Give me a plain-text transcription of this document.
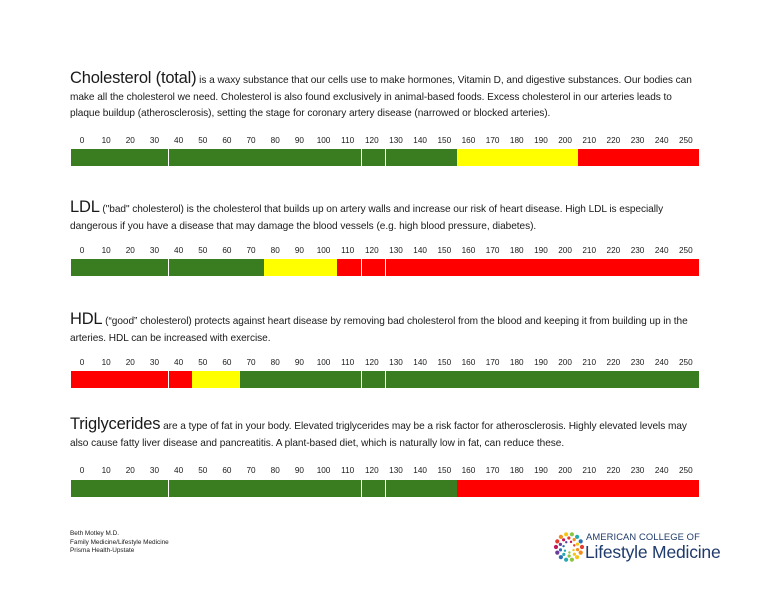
Cholesterol (total) is a waxy substance that our cells use to make hormones, Vitamin D, and digestive substances. Our bodies can make all the cholesterol we need. Cholesterol is also found exclusively in animal-based foods. Excess cholesterol in our arteries leads to plaque buildup (atherosclerosis), setting the stage for coronary artery disease (narrowed or blocked arteries).

0 10 20 30 40 50 60 70 80 90 100 110 120 130 140 150 160 170 180 190 200 210 220 230 240 250

LDL ("bad" cholesterol) is the cholesterol that builds up on artery walls and increase our risk of heart disease. High LDL is especially dangerous if you have a disease that may damage the blood vessels (e.g. high blood pressure, diabetes).

0 10 20 30 40 50 60 70 80 90 100 110 120 130 140 150 160 170 180 190 200 210 220 230 240 250

HDL (“good” cholesterol) protects against heart disease by removing bad cholesterol from the blood and keeping it from building up in the arteries. HDL can be increased with exercise.

0 10 20 30 40 50 60 70 80 90 100 110 120 130 140 150 160 170 180 190 200 210 220 230 240 250

Triglycerides are a type of fat in your body. Elevated triglycerides may be a risk factor for atherosclerosis. Highly elevated levels may also cause fatty liver disease and pancreatitis. A plant-based diet, which is naturally low in fat, can reduce these.

0 10 20 30 40 50 60 70 80 90 100 110 120 130 140 150 160 170 180 190 200 210 220 230 240 250
Beth Motley M.D.
Family Medicine/Lifestyle Medicine
Prisma Health-Upstate
AMERICAN COLLEGE OF
Lifestyle Medicine
